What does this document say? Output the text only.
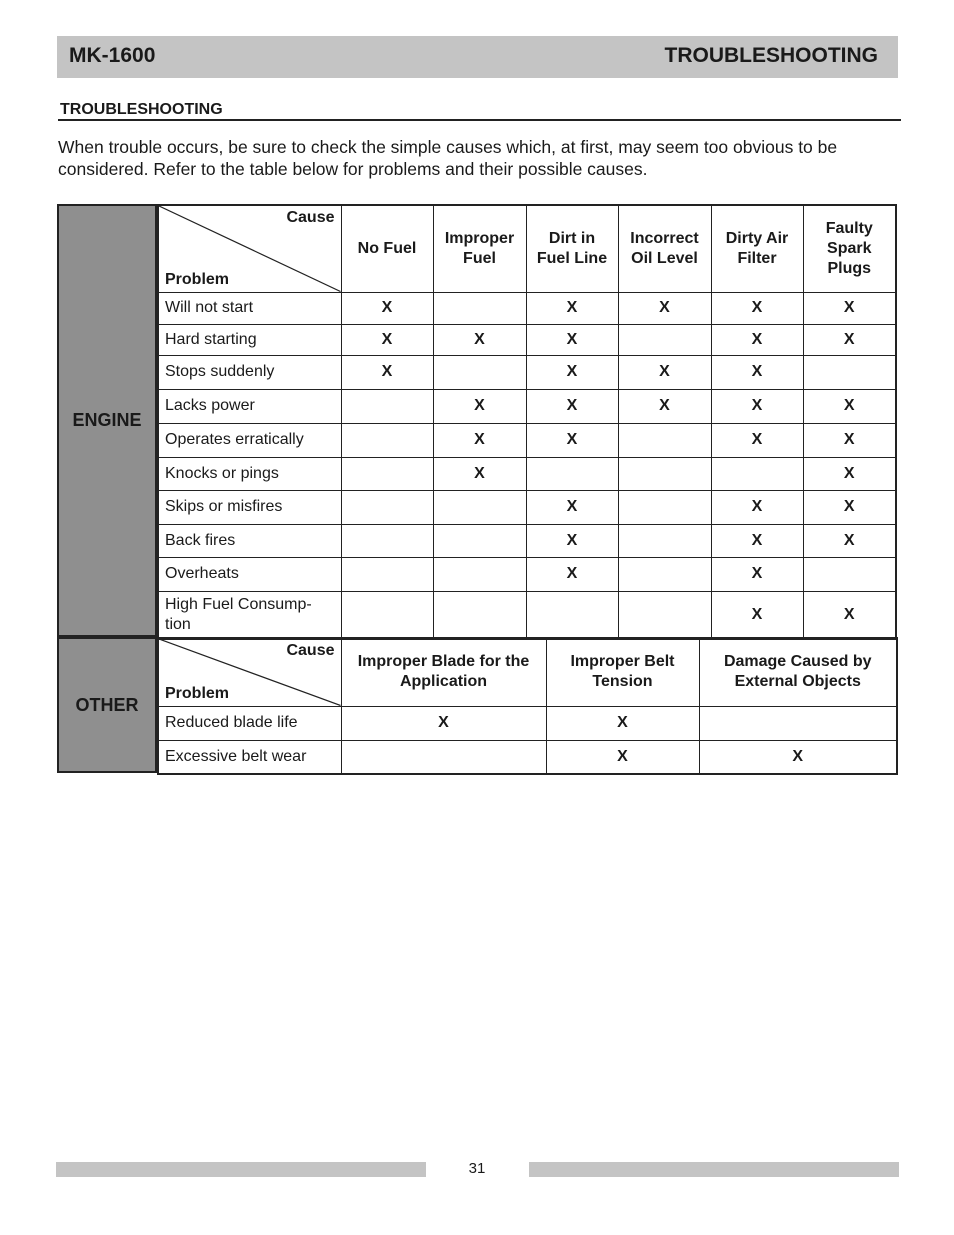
MK-1600	TROUBLESHOOTING
TROUBLESHOOTING

When trouble occurs, be sure to check the simple causes which, at first, may seem too obvious to be considered. Refer to the table below for problems and their possible causes.

ENGINE
Cause
Problem	No Fuel	Improper Fuel	Dirt in Fuel Line	Incorrect Oil Level	Dirty Air Filter	Faulty Spark Plugs
Will not start	X		X	X	X	X
Hard starting	X	X	X		X	X
Stops suddenly	X		X	X	X	
Lacks power		X	X	X	X	X
Operates erratically		X	X		X	X
Knocks or pings		X				X
Skips or misfires			X		X	X
Back fires			X		X	X
Overheats			X		X	
High Fuel Consump-tion					X	X
OTHER
Cause
Problem	Improper Blade for the Application	Improper Belt Tension	Damage Caused by External Objects
Reduced blade life	X	X	
Excessive belt wear		X	X
31
